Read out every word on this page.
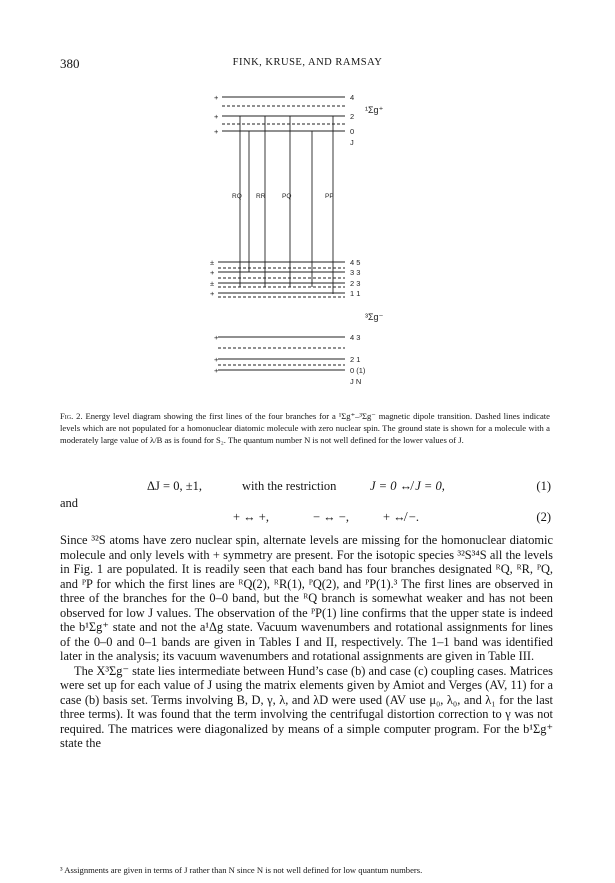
380	FINK, KRUSE, AND RAMSAY
+
+
+
±
+
±
+
+
+
+
4
2
0
J
¹Σg⁺
RQ RR	PQ	PP
4 5
3 3
2 3
1 1
³Σg⁻
4 3
2 1
0 (1)
J N
Fig. 2. Energy level diagram showing the first lines of the four branches for a ¹Σg⁺–³Σg⁻ magnetic dipole transition. Dashed lines indicate levels which are not populated for a homonuclear diatomic molecule with zero nuclear spin. The ground state is shown for a molecule with a moderately large value of λ/B as is found for S₂. The quantum number N is not well defined for the lower values of J.
ΔJ = 0, ±1,	with the restriction	J = 0 ↮ J = 0,	(1)
and
+ ↔ +,	− ↔ −,	+ ↮ −.	(2)

Since ³²S atoms have zero nuclear spin, alternate levels are missing for the homonuclear diatomic molecule and only levels with + symmetry are present. For the isotopic species ³²S³⁴S all the levels in Fig. 1 are populated. It is readily seen that each band has four branches designated ᴿQ, ᴿR, ᴾQ, and ᴾP for which the first lines are ᴿQ(2), ᴿR(1), ᴾQ(2), and ᴾP(1).³ The first lines are observed in three of the branches for the 0–0 band, but the ᴿQ branch is somewhat weaker and has not been observed for low J values. The observation of the ᴾP(1) line confirms that the upper state is indeed the b¹Σg⁺ state and not the a¹Δg state. Vacuum wavenumbers and rotational assignments for lines of the 0–0 and 0–1 bands are given in Tables I and II, respectively. The 1–1 band was identified later in the analysis; its vacuum wavenumbers and rotational assignments are given in Table III.

The X³Σg⁻ state lies intermediate between Hund’s case (b) and case (c) coupling cases. Matrices were set up for each value of J using the matrix elements given by Amiot and Verges (AV, 11) for a case (b) basis set. Terms involving B, D, γ, λ, and λD were used (AV use μ₀, λ₀, and λ₁ for the last three terms). It was found that the term involving the centrifugal distortion correction to γ was not required. The matrices were diagonalized by means of a simple computer program. For the b¹Σg⁺ state the

³ Assignments are given in terms of J rather than N since N is not well defined for low quantum numbers.
